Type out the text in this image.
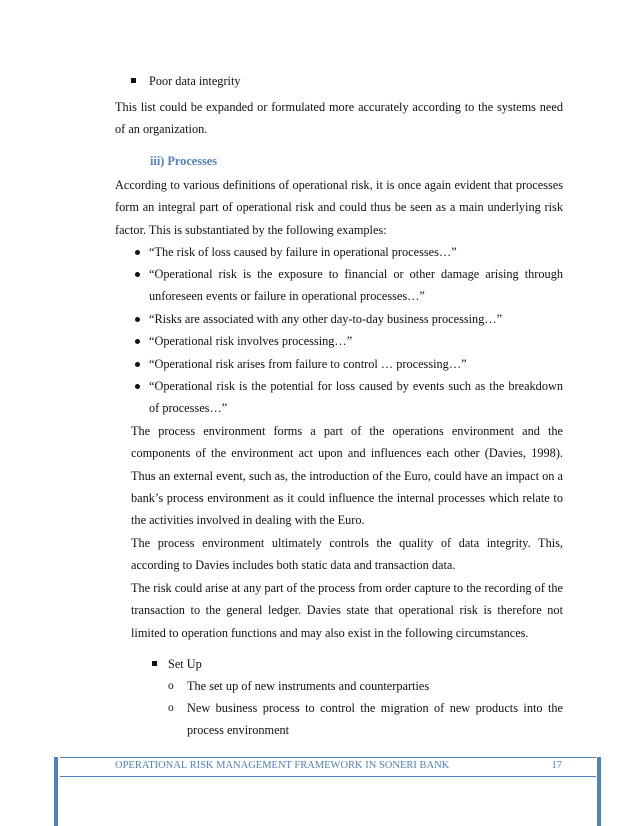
Poor data integrity

This list could be expanded or formulated more accurately according to the systems need of an organization.

iii) Processes

According to various definitions of operational risk, it is once again evident that processes form an integral part of operational risk and could thus be seen as a main underlying risk factor. This is substantiated by the following examples:

“The risk of loss caused by failure in operational processes…”
“Operational risk is the exposure to financial or other damage arising through unforeseen events or failure in operational processes…”
“Risks are associated with any other day-to-day business processing…”
“Operational risk involves processing…”
“Operational risk arises from failure to control … processing…”
“Operational risk is the potential for loss caused by events such as the breakdown of processes…”

The process environment forms a part of the operations environment and the components of the environment act upon and influences each other (Davies, 1998). Thus an external event, such as, the introduction of the Euro, could have an impact on a bank’s process environment as it could influence the internal processes which relate to the activities involved in dealing with the Euro.

The process environment ultimately controls the quality of data integrity. This, according to Davies includes both static data and transaction data.

The risk could arise at any part of the process from order capture to the recording of the transaction to the general ledger. Davies state that operational risk is therefore not limited to operation functions and may also exist in the following circumstances.

Set Up
o The set up of new instruments and counterparties
o New business process to control the migration of new products into the process environment
OPERATIONAL RISK MANAGEMENT FRAMEWORK IN SONERI BANK	17
